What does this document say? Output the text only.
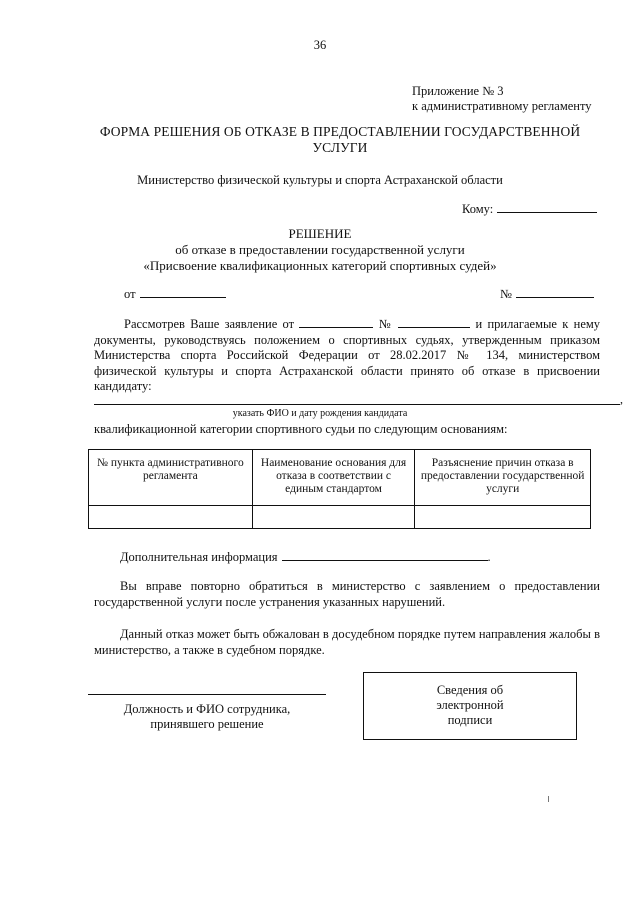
36
Приложение № 3
к административному регламенту
ФОРМА РЕШЕНИЯ ОБ ОТКАЗЕ В ПРЕДОСТАВЛЕНИИ ГОСУДАРСТВЕННОЙ
УСЛУГИ
Министерство физической культуры и спорта Астраханской области
Кому:
РЕШЕНИЕ
об отказе в предоставлении государственной услуги
«Присвоение квалификационных категорий спортивных судей»
от	№
Рассмотрев Ваше заявление от	№	и прилагаемые к нему документы, руководствуясь положением о спортивных судьях, утвержденным приказом Министерства спорта Российской Федерации от 28.02.2017 № 134, министерством физической культуры и спорта Астраханской области принято об отказе в присвоении кандидату:
,
указать ФИО и дату рождения кандидата
квалификационной категории спортивного судьи по следующим основаниям:
№ пункта административного регламента	Наименование основания для отказа в соответствии с единым стандартом	Разъяснение причин отказа в предоставлении государственной услуги

Дополнительная информация	.
Вы вправе повторно обратиться в министерство с заявлением о предоставлении государственной услуги после устранения указанных нарушений.
Данный отказ может быть обжалован в досудебном порядке путем направления жалобы в министерство, а также в судебном порядке.
Должность и ФИО сотрудника,
принявшего решение
Сведения об
электронной
подписи
